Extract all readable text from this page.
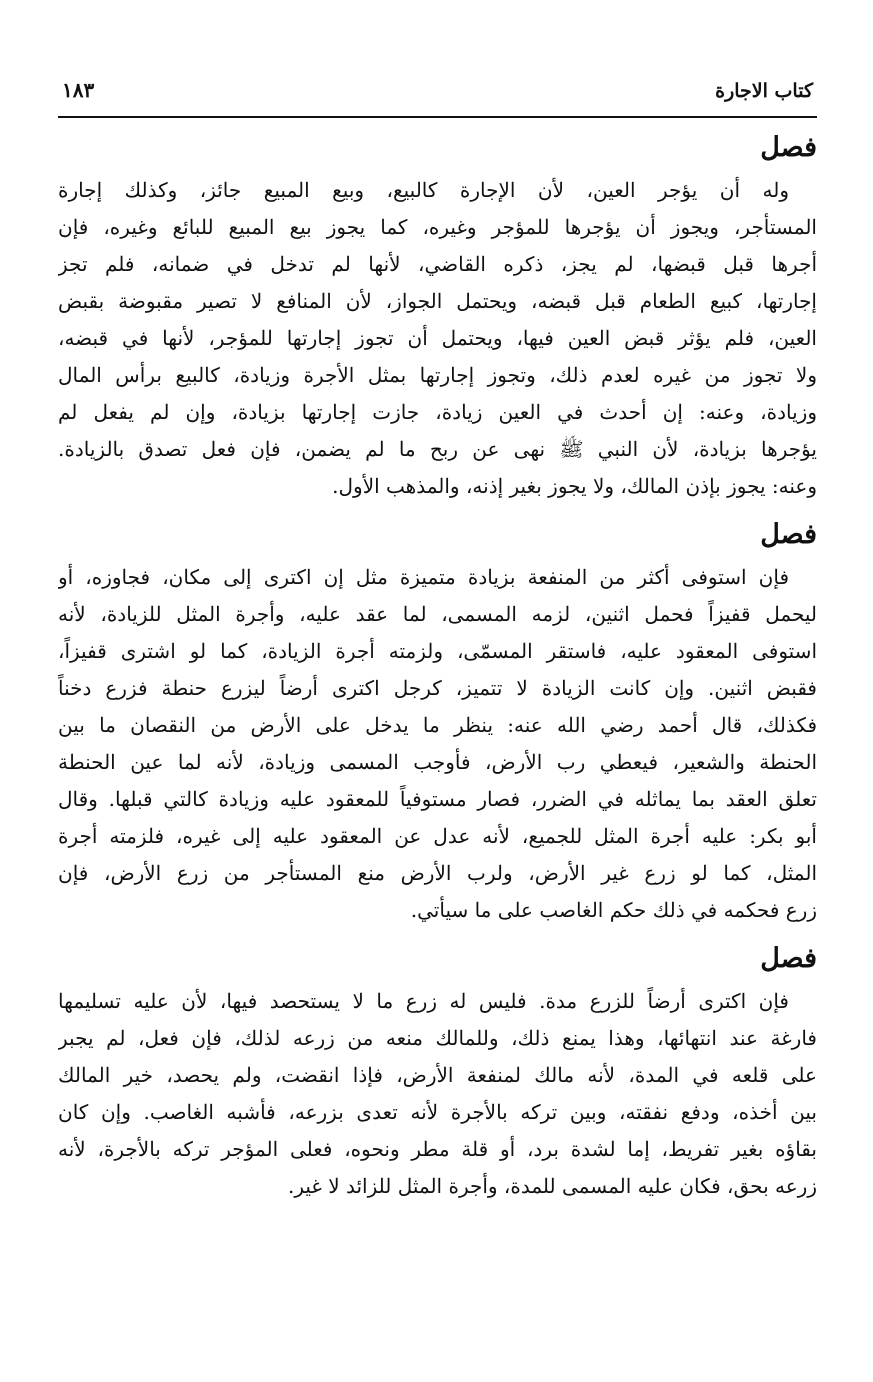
كتاب الاجارة
١٨٣
فصل
وله أن يؤجر العين، لأن الإجارة كالبيع، وبيع المبيع جائز، وكذلك إجارة
المستأجر، ويجوز أن يؤجرها للمؤجر وغيره، كما يجوز بيع المبيع للبائع وغيره، فإن
أجرها قبل قبضها، لم يجز، ذكره القاضي، لأنها لم تدخل في ضمانه، فلم تجز
إجارتها، كبيع الطعام قبل قبضه، ويحتمل الجواز، لأن المنافع لا تصير مقبوضة بقبض
العين، فلم يؤثر قبض العين فيها، ويحتمل أن تجوز إجارتها للمؤجر، لأنها في قبضه،
ولا تجوز من غيره لعدم ذلك، وتجوز إجارتها بمثل الأجرة وزيادة، كالبيع برأس المال
وزيادة، وعنه: إن أحدث في العين زيادة، جازت إجارتها بزيادة، وإن لم يفعل لم
يؤجرها بزيادة، لأن النبي ﷺ نهى عن ربح ما لم يضمن، فإن فعل تصدق بالزيادة.
وعنه: يجوز بإذن المالك، ولا يجوز بغير إذنه، والمذهب الأول.
فصل
فإن استوفى أكثر من المنفعة بزيادة متميزة مثل إن اكترى إلى مكان، فجاوزه، أو
ليحمل قفيزاً فحمل اثنين، لزمه المسمى، لما عقد عليه، وأجرة المثل للزيادة، لأنه
استوفى المعقود عليه، فاستقر المسمّى، ولزمته أجرة الزيادة، كما لو اشترى قفيزاً،
فقبض اثنين. وإن كانت الزيادة لا تتميز، كرجل اكترى أرضاً ليزرع حنطة فزرع دخناً
فكذلك، قال أحمد رضي الله عنه: ينظر ما يدخل على الأرض من النقصان ما بين
الحنطة والشعير، فيعطي رب الأرض، فأوجب المسمى وزيادة، لأنه لما عين الحنطة
تعلق العقد بما يماثله في الضرر، فصار مستوفياً للمعقود عليه وزيادة كالتي قبلها. وقال
أبو بكر: عليه أجرة المثل للجميع، لأنه عدل عن المعقود عليه إلى غيره، فلزمته أجرة
المثل، كما لو زرع غير الأرض، ولرب الأرض منع المستأجر من زرع الأرض، فإن
زرع فحكمه في ذلك حكم الغاصب على ما سيأتي.
فصل
فإن اكترى أرضاً للزرع مدة. فليس له زرع ما لا يستحصد فيها، لأن عليه تسليمها
فارغة عند انتهائها، وهذا يمنع ذلك، وللمالك منعه من زرعه لذلك، فإن فعل، لم يجبر
على قلعه في المدة، لأنه مالك لمنفعة الأرض، فإذا انقضت، ولم يحصد، خير المالك
بين أخذه، ودفع نفقته، وبين تركه بالأجرة لأنه تعدى بزرعه، فأشبه الغاصب. وإن كان
بقاؤه بغير تفريط، إما لشدة برد، أو قلة مطر ونحوه، فعلى المؤجر تركه بالأجرة، لأنه
زرعه بحق، فكان عليه المسمى للمدة، وأجرة المثل للزائد لا غير.
